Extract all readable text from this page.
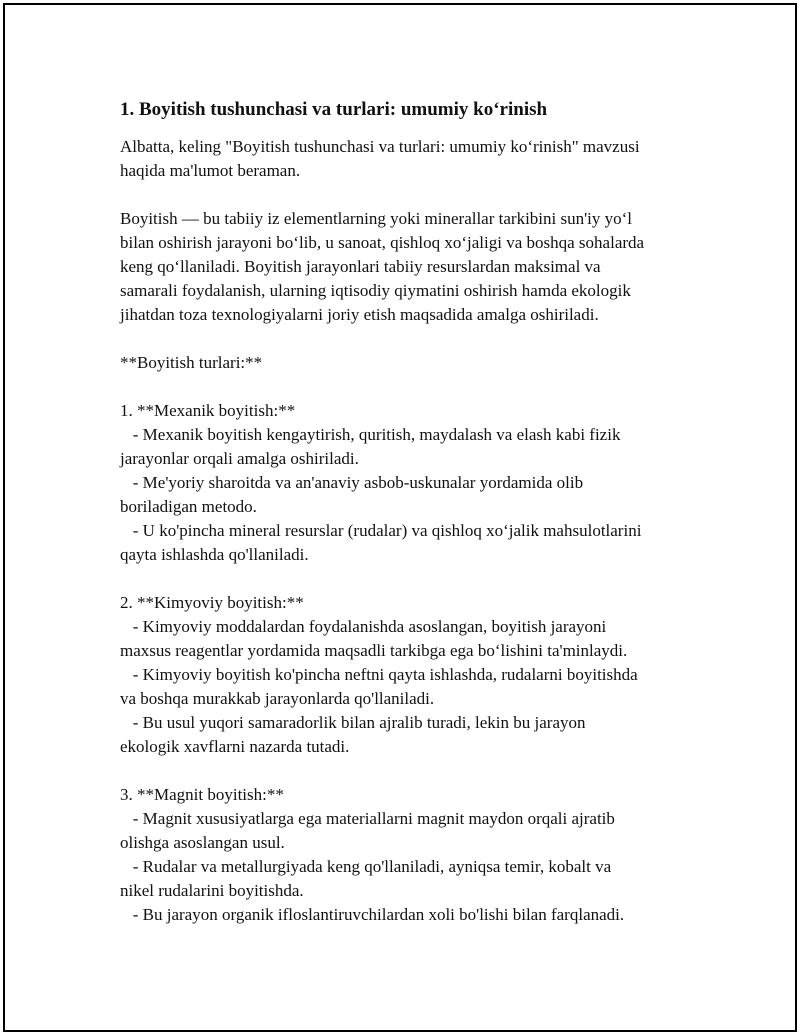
1. Boyitish tushunchasi va turlari: umumiy ko‘rinish
Albatta, keling "Boyitish tushunchasi va turlari: umumiy ko‘rinish" mavzusi
haqida ma'lumot beraman.
Boyitish — bu tabiiy iz elementlarning yoki minerallar tarkibini sun'iy yo‘l
bilan oshirish jarayoni bo‘lib, u sanoat, qishloq xo‘jaligi va boshqa sohalarda
keng qo‘llaniladi. Boyitish jarayonlari tabiiy resurslardan maksimal va
samarali foydalanish, ularning iqtisodiy qiymatini oshirish hamda ekologik
jihatdan toza texnologiyalarni joriy etish maqsadida amalga oshiriladi.
**Boyitish turlari:**
1. **Mexanik boyitish:**
- Mexanik boyitish kengaytirish, quritish, maydalash va elash kabi fizik
jarayonlar orqali amalga oshiriladi.
- Me'yoriy sharoitda va an'anaviy asbob-uskunalar yordamida olib
boriladigan metodo.
- U ko'pincha mineral resurslar (rudalar) va qishloq xo‘jalik mahsulotlarini
qayta ishlashda qo'llaniladi.
2. **Kimyoviy boyitish:**
- Kimyoviy moddalardan foydalanishda asoslangan, boyitish jarayoni
maxsus reagentlar yordamida maqsadli tarkibga ega bo‘lishini ta'minlaydi.
- Kimyoviy boyitish ko'pincha neftni qayta ishlashda, rudalarni boyitishda
va boshqa murakkab jarayonlarda qo'llaniladi.
- Bu usul yuqori samaradorlik bilan ajralib turadi, lekin bu jarayon
ekologik xavflarni nazarda tutadi.
3. **Magnit boyitish:**
- Magnit xususiyatlarga ega materiallarni magnit maydon orqali ajratib
olishga asoslangan usul.
- Rudalar va metallurgiyada keng qo'llaniladi, ayniqsa temir, kobalt va
nikel rudalarini boyitishda.
- Bu jarayon organik ifloslantiruvchilardan xoli bo'lishi bilan farqlanadi.
